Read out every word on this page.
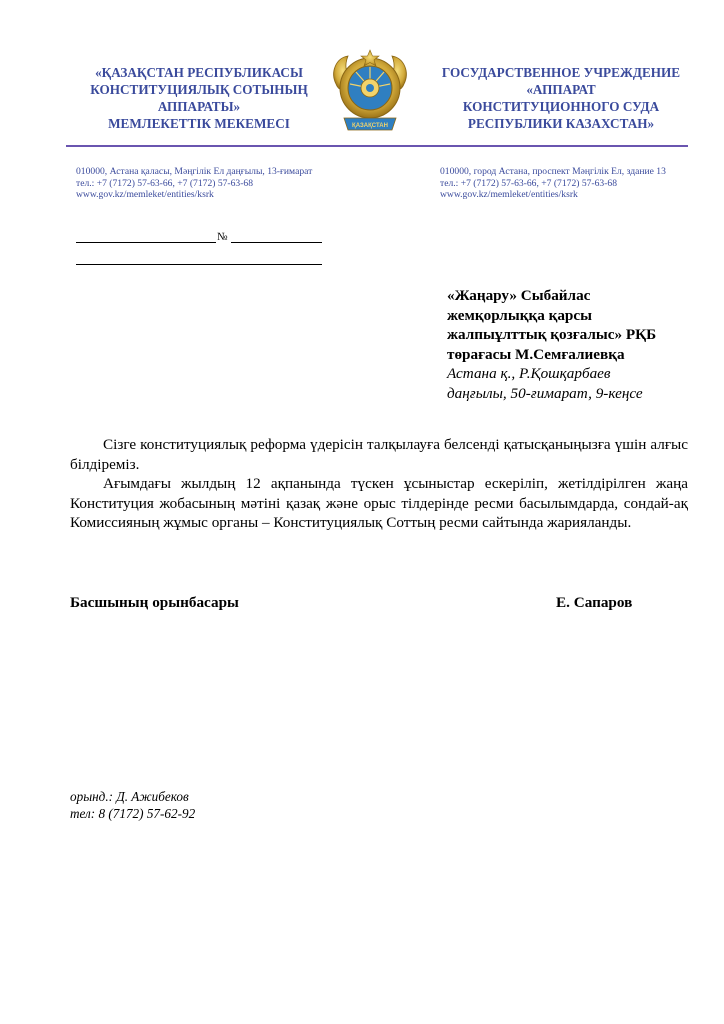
«ҚАЗАҚСТАН РЕСПУБЛИКАСЫ
КОНСТИТУЦИЯЛЫҚ СОТЫНЫҢ
АППАРАТЫ»
МЕМЛЕКЕТТІК МЕКЕМЕСІ	ҚАЗАҚСТАН
ГОСУДАРСТВЕННОЕ УЧРЕЖДЕНИЕ
«АППАРАТ
КОНСТИТУЦИОННОГО СУДА
РЕСПУБЛИКИ КАЗАХСТАН»
010000, Астана қаласы, Мәңгілік Ел даңғылы, 13-ғимарат
тел.: +7 (7172) 57-63-66, +7 (7172) 57-63-68
www.gov.kz/memleket/entities/ksrk
010000, город Астана, проспект Мәңгілік Ел, здание 13
тел.: +7 (7172) 57-63-66, +7 (7172) 57-63-68
www.gov.kz/memleket/entities/ksrk
№
«Жаңару» Сыбайлас
жемқорлыққа қарсы
жалпыұлттық қозғалыс» РҚБ
төрағасы М.Семғалиевқа
Астана қ., Р.Қошқарбаев
даңғылы, 50-ғимарат, 9-кеңсе

Сізге конституциялық реформа үдерісін талқылауға белсенді қатысқаныңызға үшін алғыс білдіреміз.

Ағымдағы жылдың 12 ақпанында түскен ұсыныстар ескеріліп, жетілдірілген жаңа Конституция жобасының мәтіні қазақ және орыс тілдерінде ресми басылымдарда, сондай-ақ Комиссияның жұмыс органы – Конституциялық Соттың ресми сайтында жарияланды.

Басшының орынбасары	Е. Сапаров
орынд.: Д. Ажибеков
тел: 8 (7172) 57-62-92
